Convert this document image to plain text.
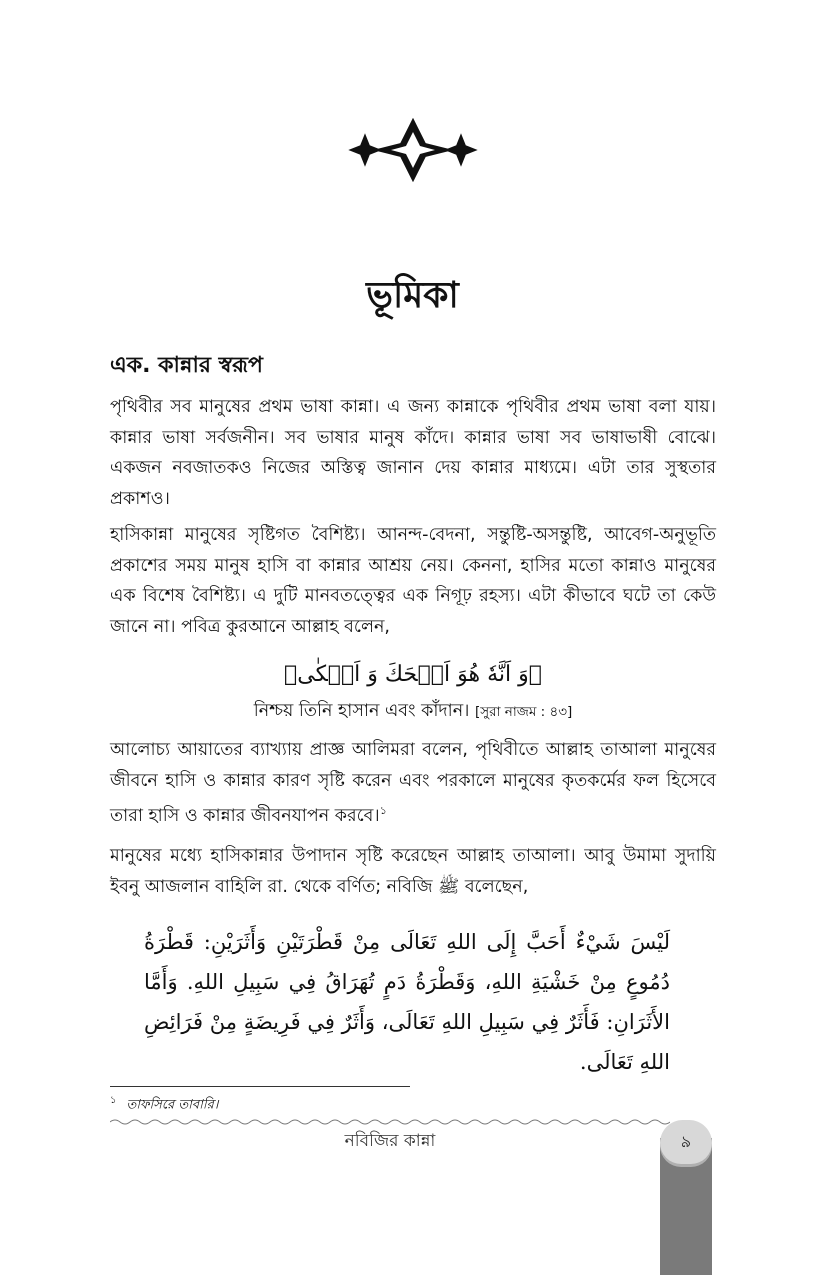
ভূমিকা
এক. কান্নার স্বরূপ

পৃথিবীর সব মানুষের প্রথম ভাষা কান্না। এ জন্য কান্নাকে পৃথিবীর প্রথম ভাষা বলা যায়। কান্নার ভাষা সর্বজনীন। সব ভাষার মানুষ কাঁদে। কান্নার ভাষা সব ভাষাভাষী বোঝে। একজন নবজাতকও নিজের অস্তিত্ব জানান দেয় কান্নার মাধ্যমে। এটা তার সুস্থতার প্রকাশও।

হাসিকান্না মানুষের সৃষ্টিগত বৈশিষ্ট্য। আনন্দ-বেদনা, সন্তুষ্টি-অসন্তুষ্টি, আবেগ-অনুভূতি প্রকাশের সময় মানুষ হাসি বা কান্নার আশ্রয় নেয়। কেননা, হাসির মতো কান্নাও মানুষের এক বিশেষ বৈশিষ্ট্য। এ দুটি মানবতত্ত্বের এক নিগূঢ় রহস্য। এটা কীভাবে ঘটে তা কেউ জানে না। পবিত্র কুরআনে আল্লাহ বলেন,

﴿وَ اَنَّهٗ هُوَ اَضۡحَكَ وَ اَبۡكٰی﴾
নিশ্চয় তিনি হাসান এবং কাঁদান। [সুরা নাজম : ৪৩]

আলোচ্য আয়াতের ব্যাখ্যায় প্রাজ্ঞ আলিমরা বলেন, পৃথিবীতে আল্লাহ তাআলা মানুষের জীবনে হাসি ও কান্নার কারণ সৃষ্টি করেন এবং পরকালে মানুষের কৃতকর্মের ফল হিসেবে তারা হাসি ও কান্নার জীবনযাপন করবে।$^১$

মানুষের মধ্যে হাসিকান্নার উপাদান সৃষ্টি করেছেন আল্লাহ তাআলা। আবু উমামা সুদায়ি ইবনু আজলান বাহিলি রা. থেকে বর্ণিত; নবিজি ﷺ বলেছেন,

لَيْسَ شَيْءٌ أَحَبَّ إِلَى اللهِ تَعَالَى مِنْ قَطْرَتَيْنِ وَأَثَرَيْنِ: قَطْرَةُ دُمُوعٍ مِنْ خَشْيَةِ اللهِ، وَقَطْرَةُ دَمٍ تُهَرَاقُ فِي سَبِيلِ اللهِ. وَأَمَّا الأَثَرَانِ: فَأَثَرٌ فِي سَبِيلِ اللهِ تَعَالَى، وَأَثَرٌ فِي فَرِيضَةٍ مِنْ فَرَائِضِ اللهِ تَعَالَى.
$^১$ তাফসিরে তাবারি।
নবিজির কান্না	৯
